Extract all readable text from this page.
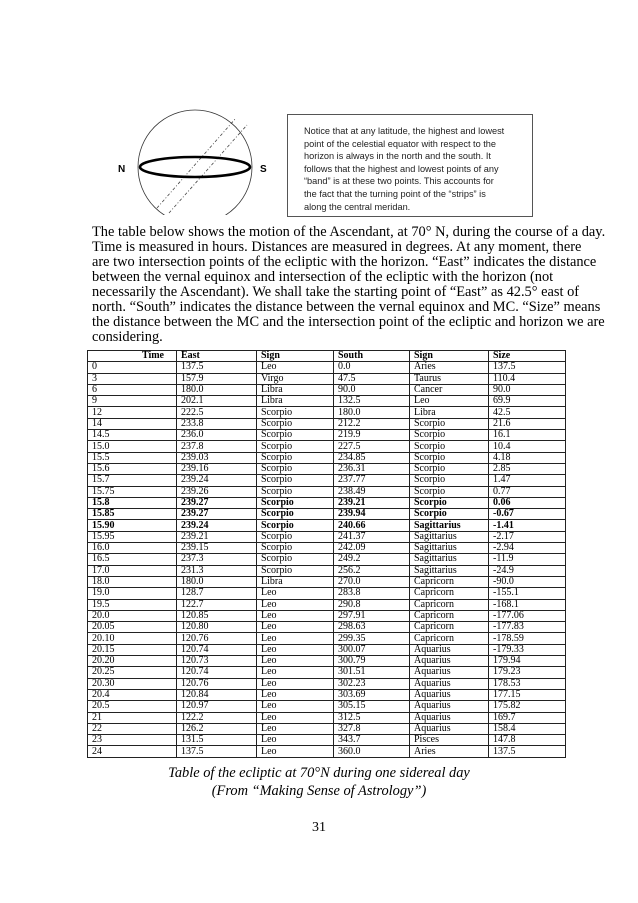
N	S
Notice that at any latitude, the highest and lowest
point of the celestial equator with respect to the
horizon is always in the north and the south. It
follows that the highest and lowest points of any
“band” is at these two points. This accounts for
the fact that the turning point of the “strips” is
along the central meridan.
The table below shows the motion of the Ascendant, at 70° N, during the course of a day.
Time is measured in hours. Distances are measured in degrees. At any moment, there
are two intersection points of the ecliptic with the horizon. “East” indicates the distance
between the vernal equinox and intersection of the ecliptic with the horizon (not
necessarily the Ascendant). We shall take the starting point of “East” as 42.5° east of
north. “South” indicates the distance between the vernal equinox and MC. “Size” means
the distance between the MC and the intersection point of the ecliptic and horizon we are
considering.
Time	East	Sign	South	Sign	Size
0	137.5	Leo	0.0	Aries	137.5
3	157.9	Virgo	47.5	Taurus	110.4
6	180.0	Libra	90.0	Cancer	90.0
9	202.1	Libra	132.5	Leo	69.9
12	222.5	Scorpio	180.0	Libra	42.5
14	233.8	Scorpio	212.2	Scorpio	21.6
14.5	236.0	Scorpio	219.9	Scorpio	16.1
15.0	237.8	Scorpio	227.5	Scorpio	10.4
15.5	239.03	Scorpio	234.85	Scorpio	4.18
15.6	239.16	Scorpio	236.31	Scorpio	2.85
15.7	239.24	Scorpio	237.77	Scorpio	1.47
15.75	239.26	Scorpio	238.49	Scorpio	0.77
15.8	239.27	Scorpio	239.21	Scorpio	0.06
15.85	239.27	Scorpio	239.94	Scorpio	-0.67
15.90	239.24	Scorpio	240.66	Sagittarius	-1.41
15.95	239.21	Scorpio	241.37	Sagittarius	-2.17
16.0	239.15	Scorpio	242.09	Sagittarius	-2.94
16.5	237.3	Scorpio	249.2	Sagittarius	-11.9
17.0	231.3	Scorpio	256.2	Sagittarius	-24.9
18.0	180.0	Libra	270.0	Capricorn	-90.0
19.0	128.7	Leo	283.8	Capricorn	-155.1
19.5	122.7	Leo	290.8	Capricorn	-168.1
20.0	120.85	Leo	297.91	Capricorn	-177.06
20.05	120.80	Leo	298.63	Capricorn	-177.83
20.10	120.76	Leo	299.35	Capricorn	-178.59
20.15	120.74	Leo	300.07	Aquarius	-179.33
20.20	120.73	Leo	300.79	Aquarius	179.94
20.25	120.74	Leo	301.51	Aquarius	179.23
20.30	120.76	Leo	302.23	Aquarius	178.53
20.4	120.84	Leo	303.69	Aquarius	177.15
20.5	120.97	Leo	305.15	Aquarius	175.82
21	122.2	Leo	312.5	Aquarius	169.7
22	126.2	Leo	327.8	Aquarius	158.4
23	131.5	Leo	343.7	Pisces	147.8
24	137.5	Leo	360.0	Aries	137.5
Table of the ecliptic at 70°N during one sidereal day
(From “Making Sense of Astrology”)
31
